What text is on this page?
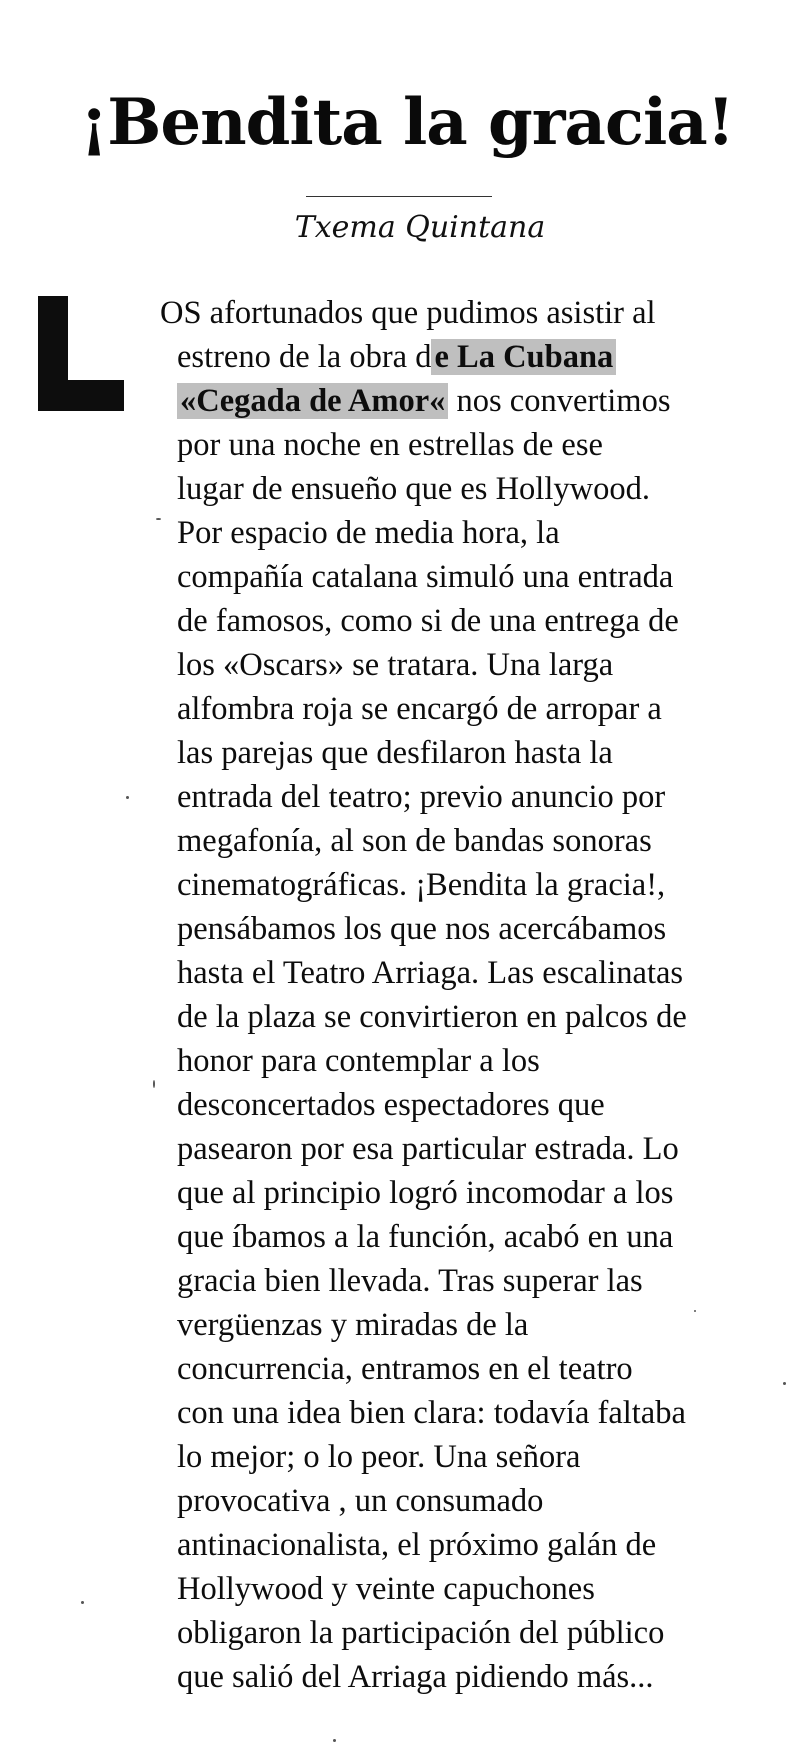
¡Bendita la gracia!
Txema Quintana
OS afortunados que pudimos asistir al
estreno de la obra de La Cubana
«Cegada de Amor« nos convertimos
por una noche en estrellas de ese
lugar de ensueño que es Hollywood.
Por espacio de media hora, la
compañía catalana simuló una entrada
de famosos, como si de una entrega de
los «Oscars» se tratara. Una larga
alfombra roja se encargó de arropar a
las parejas que desfilaron hasta la
entrada del teatro; previo anuncio por
megafonía, al son de bandas sonoras
cinematográficas. ¡Bendita la gracia!,
pensábamos los que nos acercábamos
hasta el Teatro Arriaga. Las escalinatas
de la plaza se convirtieron en palcos de
honor para contemplar a los
desconcertados espectadores que
pasearon por esa particular estrada. Lo
que al principio logró incomodar a los
que íbamos a la función, acabó en una
gracia bien llevada. Tras superar las
vergüenzas y miradas de la
concurrencia, entramos en el teatro
con una idea bien clara: todavía faltaba
lo mejor; o lo peor. Una señora
provocativa , un consumado
antinacionalista, el próximo galán de
Hollywood y veinte capuchones
obligaron la participación del público
que salió del Arriaga pidiendo más...
